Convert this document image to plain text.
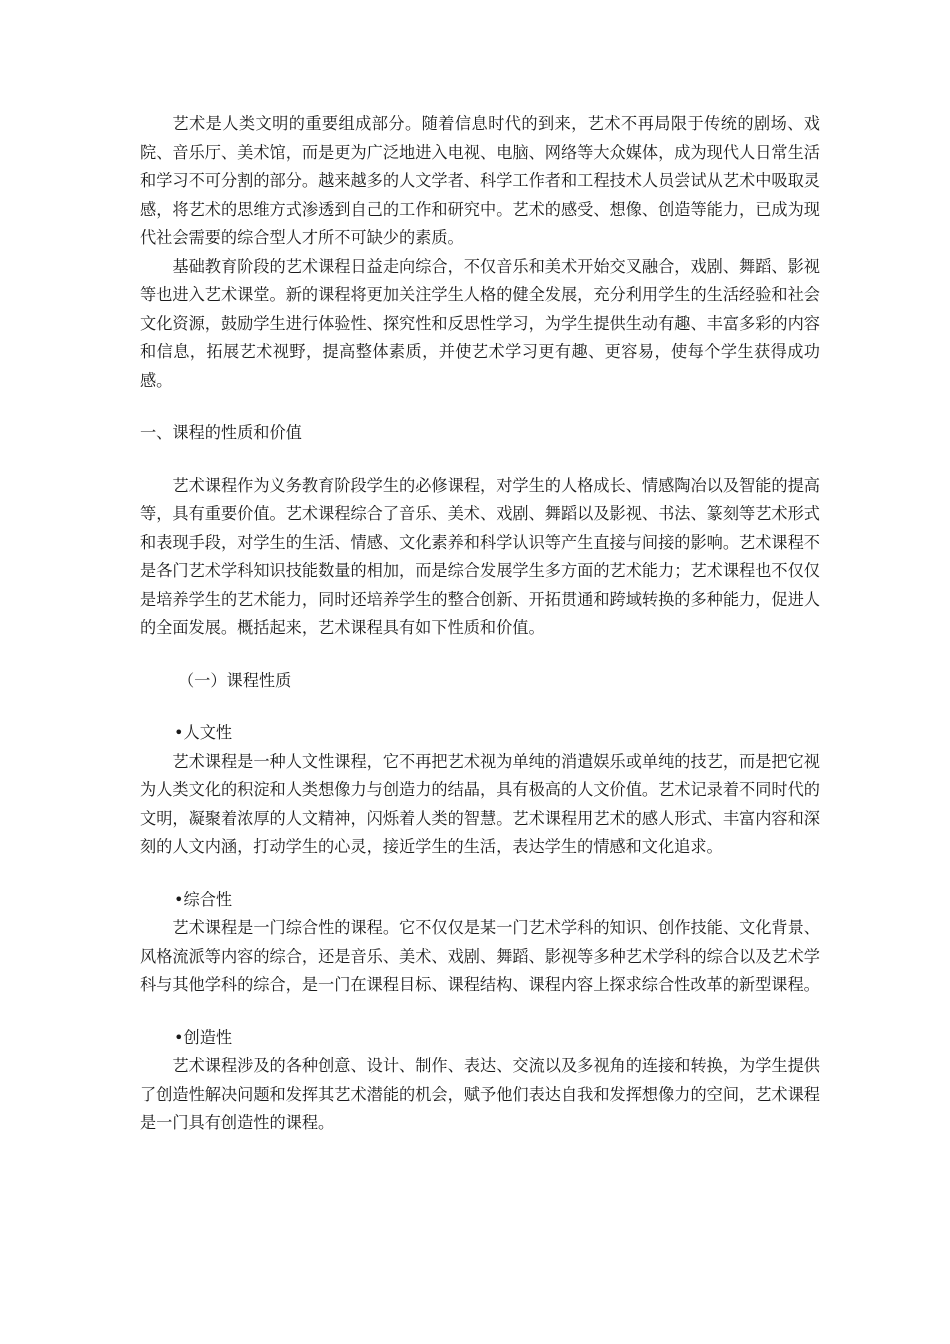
艺术是人类文明的重要组成部分。随着信息时代的到来，艺术不再局限于传统的剧场、戏院、音乐厅、美术馆，而是更为广泛地进入电视、电脑、网络等大众媒体，成为现代人日常生活和学习不可分割的部分。越来越多的人文学者、科学工作者和工程技术人员尝试从艺术中吸取灵感，将艺术的思维方式渗透到自己的工作和研究中。艺术的感受、想像、创造等能力，已成为现代社会需要的综合型人才所不可缺少的素质。

基础教育阶段的艺术课程日益走向综合，不仅音乐和美术开始交叉融合，戏剧、舞蹈、影视等也进入艺术课堂。新的课程将更加关注学生人格的健全发展，充分利用学生的生活经验和社会文化资源，鼓励学生进行体验性、探究性和反思性学习，为学生提供生动有趣、丰富多彩的内容和信息，拓展艺术视野，提高整体素质，并使艺术学习更有趣、更容易，使每个学生获得成功感。

一、课程的性质和价值

艺术课程作为义务教育阶段学生的必修课程，对学生的人格成长、情感陶冶以及智能的提高等，具有重要价值。艺术课程综合了音乐、美术、戏剧、舞蹈以及影视、书法、篆刻等艺术形式和表现手段，对学生的生活、情感、文化素养和科学认识等产生直接与间接的影响。艺术课程不是各门艺术学科知识技能数量的相加，而是综合发展学生多方面的艺术能力；艺术课程也不仅仅是培养学生的艺术能力，同时还培养学生的整合创新、开拓贯通和跨域转换的多种能力，促进人的全面发展。概括起来，艺术课程具有如下性质和价值。

（一）课程性质

•人文性

艺术课程是一种人文性课程，它不再把艺术视为单纯的消遣娱乐或单纯的技艺，而是把它视为人类文化的积淀和人类想像力与创造力的结晶，具有极高的人文价值。艺术记录着不同时代的文明，凝聚着浓厚的人文精神，闪烁着人类的智慧。艺术课程用艺术的感人形式、丰富内容和深刻的人文内涵，打动学生的心灵，接近学生的生活，表达学生的情感和文化追求。

•综合性

艺术课程是一门综合性的课程。它不仅仅是某一门艺术学科的知识、创作技能、文化背景、风格流派等内容的综合，还是音乐、美术、戏剧、舞蹈、影视等多种艺术学科的综合以及艺术学科与其他学科的综合，是一门在课程目标、课程结构、课程内容上探求综合性改革的新型课程。

•创造性

艺术课程涉及的各种创意、设计、制作、表达、交流以及多视角的连接和转换，为学生提供了创造性解决问题和发挥其艺术潜能的机会，赋予他们表达自我和发挥想像力的空间，艺术课程是一门具有创造性的课程。
